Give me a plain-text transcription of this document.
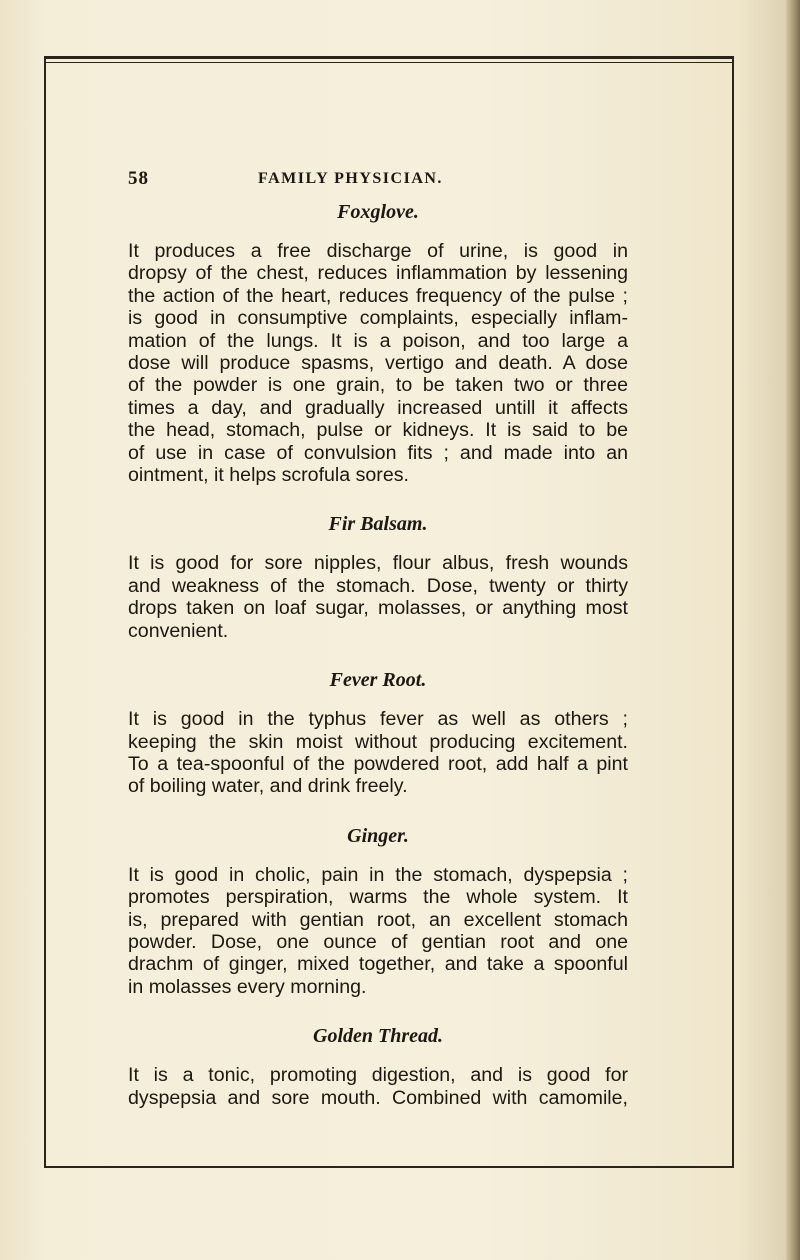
58	FAMILY PHYSICIAN.
Foxglove.
It produces a free discharge of urine, is good in
dropsy of the chest, reduces inflammation by lessening
the action of the heart, reduces frequency of the pulse ;
is good in consumptive complaints, especially inflam-
mation of the lungs. It is a poison, and too large a
dose will produce spasms, vertigo and death. A dose
of the powder is one grain, to be taken two or three
times a day, and gradually increased untill it affects
the head, stomach, pulse or kidneys. It is said to be
of use in case of convulsion fits ; and made into an
ointment, it helps scrofula sores.
Fir Balsam.
It is good for sore nipples, flour albus, fresh wounds
and weakness of the stomach. Dose, twenty or thirty
drops taken on loaf sugar, molasses, or anything most
convenient.
Fever Root.
It is good in the typhus fever as well as others ;
keeping the skin moist without producing excitement.
To a tea-spoonful of the powdered root, add half a pint
of boiling water, and drink freely.
Ginger.
It is good in cholic, pain in the stomach, dyspepsia ;
promotes perspiration, warms the whole system. It
is, prepared with gentian root, an excellent stomach
powder. Dose, one ounce of gentian root and one
drachm of ginger, mixed together, and take a spoonful
in molasses every morning.
Golden Thread.
It is a tonic, promoting digestion, and is good for
dyspepsia and sore mouth. Combined with camomile,
